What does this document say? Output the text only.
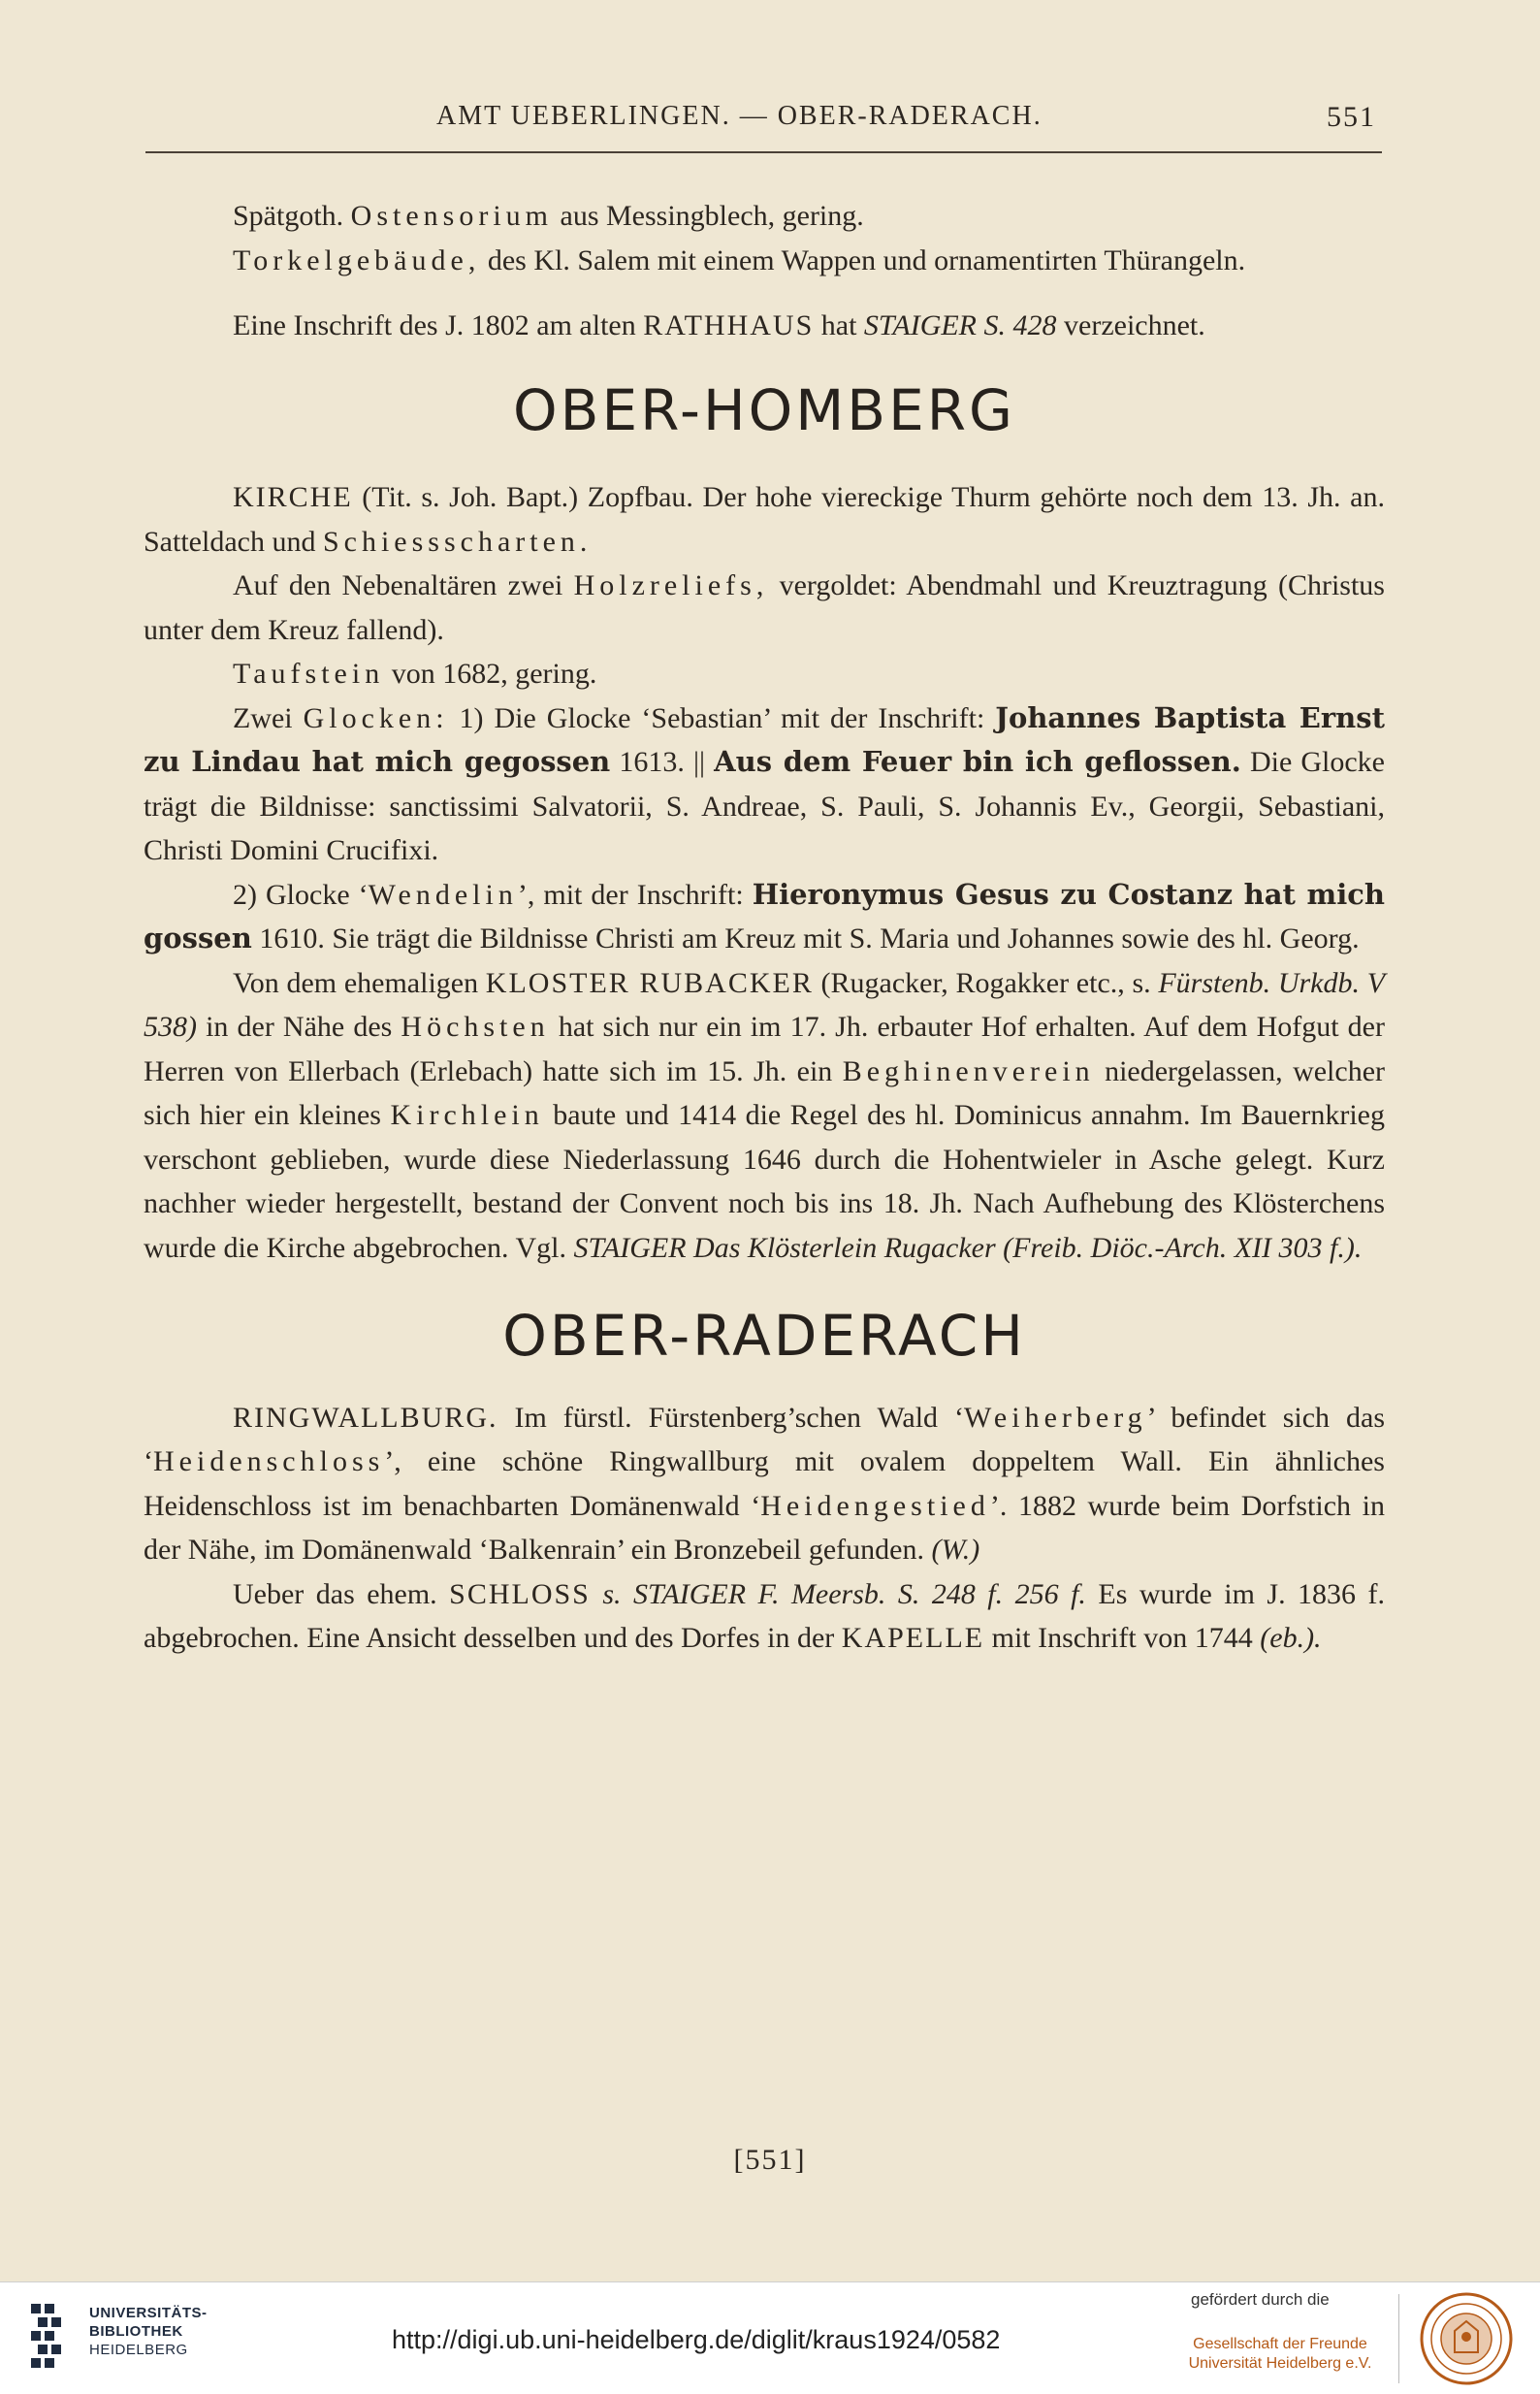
AMT UEBERLINGEN. — OBER-RADERACH.	551

Spätgoth. Ostensorium aus Messingblech, gering.

Torkelgebäude, des Kl. Salem mit einem Wappen und ornamentirten Thürangeln.

Eine Inschrift des J. 1802 am alten RATHHAUS hat STAIGER S. 428 verzeichnet.

OBER-HOMBERG

KIRCHE (Tit. s. Joh. Bapt.) Zopfbau. Der hohe viereckige Thurm gehörte noch dem 13. Jh. an. Satteldach und Schiessscharten.

Auf den Nebenaltären zwei Holzreliefs, vergoldet: Abendmahl und Kreuztragung (Christus unter dem Kreuz fallend).

Taufstein von 1682, gering.

Zwei Glocken: 1) Die Glocke ‘Sebastian’ mit der Inschrift: Johannes Baptista Ernst zu Lindau hat mich gegossen 1613. || Aus dem Feuer bin ich geflossen. Die Glocke trägt die Bildnisse: sanctissimi Salvatorii, S. Andreae, S. Pauli, S. Johannis Ev., Georgii, Sebastiani, Christi Domini Crucifixi.

2) Glocke ‘Wendelin’, mit der Inschrift: Hieronymus Gesus zu Costanz hat mich gossen 1610. Sie trägt die Bildnisse Christi am Kreuz mit S. Maria und Johannes sowie des hl. Georg.

Von dem ehemaligen KLOSTER RUBACKER (Rugacker, Rogakker etc., s. Fürstenb. Urkdb. V 538) in der Nähe des Höchsten hat sich nur ein im 17. Jh. erbauter Hof erhalten. Auf dem Hofgut der Herren von Ellerbach (Erlebach) hatte sich im 15. Jh. ein Beghinenverein niedergelassen, welcher sich hier ein kleines Kirchlein baute und 1414 die Regel des hl. Dominicus annahm. Im Bauernkrieg verschont geblieben, wurde diese Niederlassung 1646 durch die Hohentwieler in Asche gelegt. Kurz nachher wieder hergestellt, bestand der Convent noch bis ins 18. Jh. Nach Aufhebung des Klösterchens wurde die Kirche abgebrochen. Vgl. STAIGER Das Klösterlein Rugacker (Freib. Diöc.-Arch. XII 303 f.).

OBER-RADERACH

RINGWALLBURG. Im fürstl. Fürstenberg’schen Wald ‘Weiherberg’ befindet sich das ‘Heidenschloss’, eine schöne Ringwallburg mit ovalem doppeltem Wall. Ein ähnliches Heidenschloss ist im benachbarten Domänenwald ‘Heidengestied’. 1882 wurde beim Dorfstich in der Nähe, im Domänenwald ‘Balkenrain’ ein Bronzebeil gefunden. (W.)

Ueber das ehem. SCHLOSS s. STAIGER F. Meersb. S. 248 f. 256 f. Es wurde im J. 1836 f. abgebrochen. Eine Ansicht desselben und des Dorfes in der KAPELLE mit Inschrift von 1744 (eb.).

[551]
UNIVERSITÄTS-
BIBLIOTHEK
HEIDELBERG	http://digi.ub.uni-heidelberg.de/diglit/kraus1924/0582
gefördert durch die
Gesellschaft der Freunde
Universität Heidelberg e.V.
